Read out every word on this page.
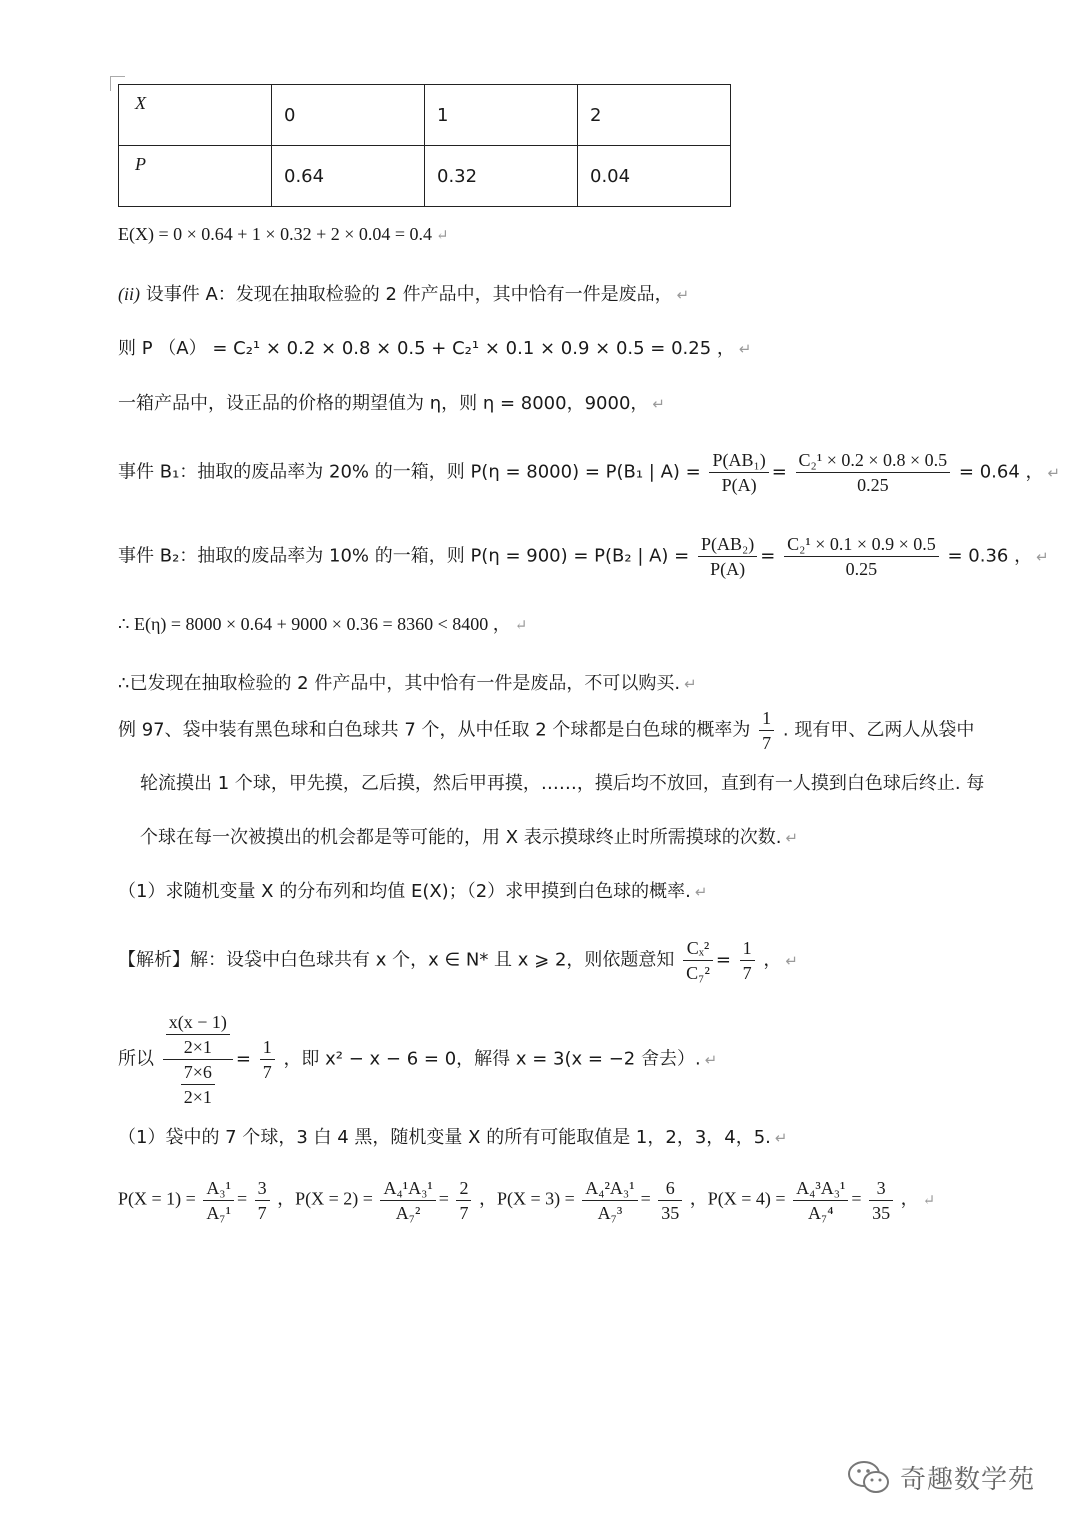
X	0	1	2

P	0.64	0.32	0.04
E(X) = 0 × 0.64 + 1 × 0.32 + 2 × 0.04 = 0.4 ↵
(ii) 设事件 A：发现在抽取检验的 2 件产品中，其中恰有一件是废品， ↵
则 P （A） = C₂¹ × 0.2 × 0.8 × 0.5 + C₂¹ × 0.1 × 0.9 × 0.5 = 0.25 ， ↵
一箱产品中，设正品的价格的期望值为 η，则 η = 8000，9000， ↵
事件 B₁：抽取的废品率为 20% 的一箱，则 P(η = 8000) = P(B₁ | $A) = \frac{\text{P(AB₁)}}{P(A)} = \frac{\text{C₂¹ × 0.2 × 0.8 × 0.5}}{0.25} = 0.64$ ， ↵
事件 B₂：抽取的废品率为 10% 的一箱，则 P(η = 900) = P(B₂ | $A) = \frac{\text{P(AB₂)}}{P(A)} = \frac{\text{C₂¹ × 0.1 × 0.9 × 0.5}}{0.25} = 0.36$ ， ↵
∴ E(η) = 8000 × 0.64 + 9000 × 0.36 = 8360 < 8400 ， ↵
∴已发现在抽取检验的 2 件产品中，其中恰有一件是废品，不可以购买. ↵
例 97、袋中装有黑色球和白色球共 7 个，从中任取 2 个球都是白色球的概率为 $\frac{1}{7}$ . 现有甲、乙两人从袋中
轮流摸出 1 个球，甲先摸，乙后摸，然后甲再摸，……，摸后均不放回，直到有一人摸到白色球后终止. 每
个球在每一次被摸出的机会都是等可能的，用 X 表示摸球终止时所需摸球的次数. ↵
（1）求随机变量 X 的分布列和均值 E(X)；（2）求甲摸到白色球的概率. ↵
【解析】解：设袋中白色球共有 x 个，x ∈ N* 且 x ⩾ 2，则依题意知 $\frac{\text{Cₓ²}}{\text{C₇²}} = \frac{1}{7}$ ， ↵
所以 $\frac{\frac{x(x - 1)}{2\times 1}}{\frac{7\times 6}{2\times 1}} = \frac{1}{7}$ ，即 x² − x − 6 = 0，解得 x = 3(x = −2 舍去）. ↵
（1）袋中的 7 个球，3 白 4 黑，随机变量 X 的所有可能取值是 1，2，3，4，5. ↵
$P(X = 1) = \frac{\text{A₃¹}}{\text{A₇¹}} = \frac{3}{7}$ ，$P(X = 2) = \frac{\text{A₄¹A₃¹}}{\text{A₇²}} = \frac{2}{7}$ ，$P(X = 3) = \frac{\text{A₄²A₃¹}}{\text{A₇³}} = \frac{6}{35}$ ，$P(X = 4) = \frac{\text{A₄³A₃¹}}{\text{A₇⁴}} = \frac{3}{35}$ ， ↵
奇趣数学苑
